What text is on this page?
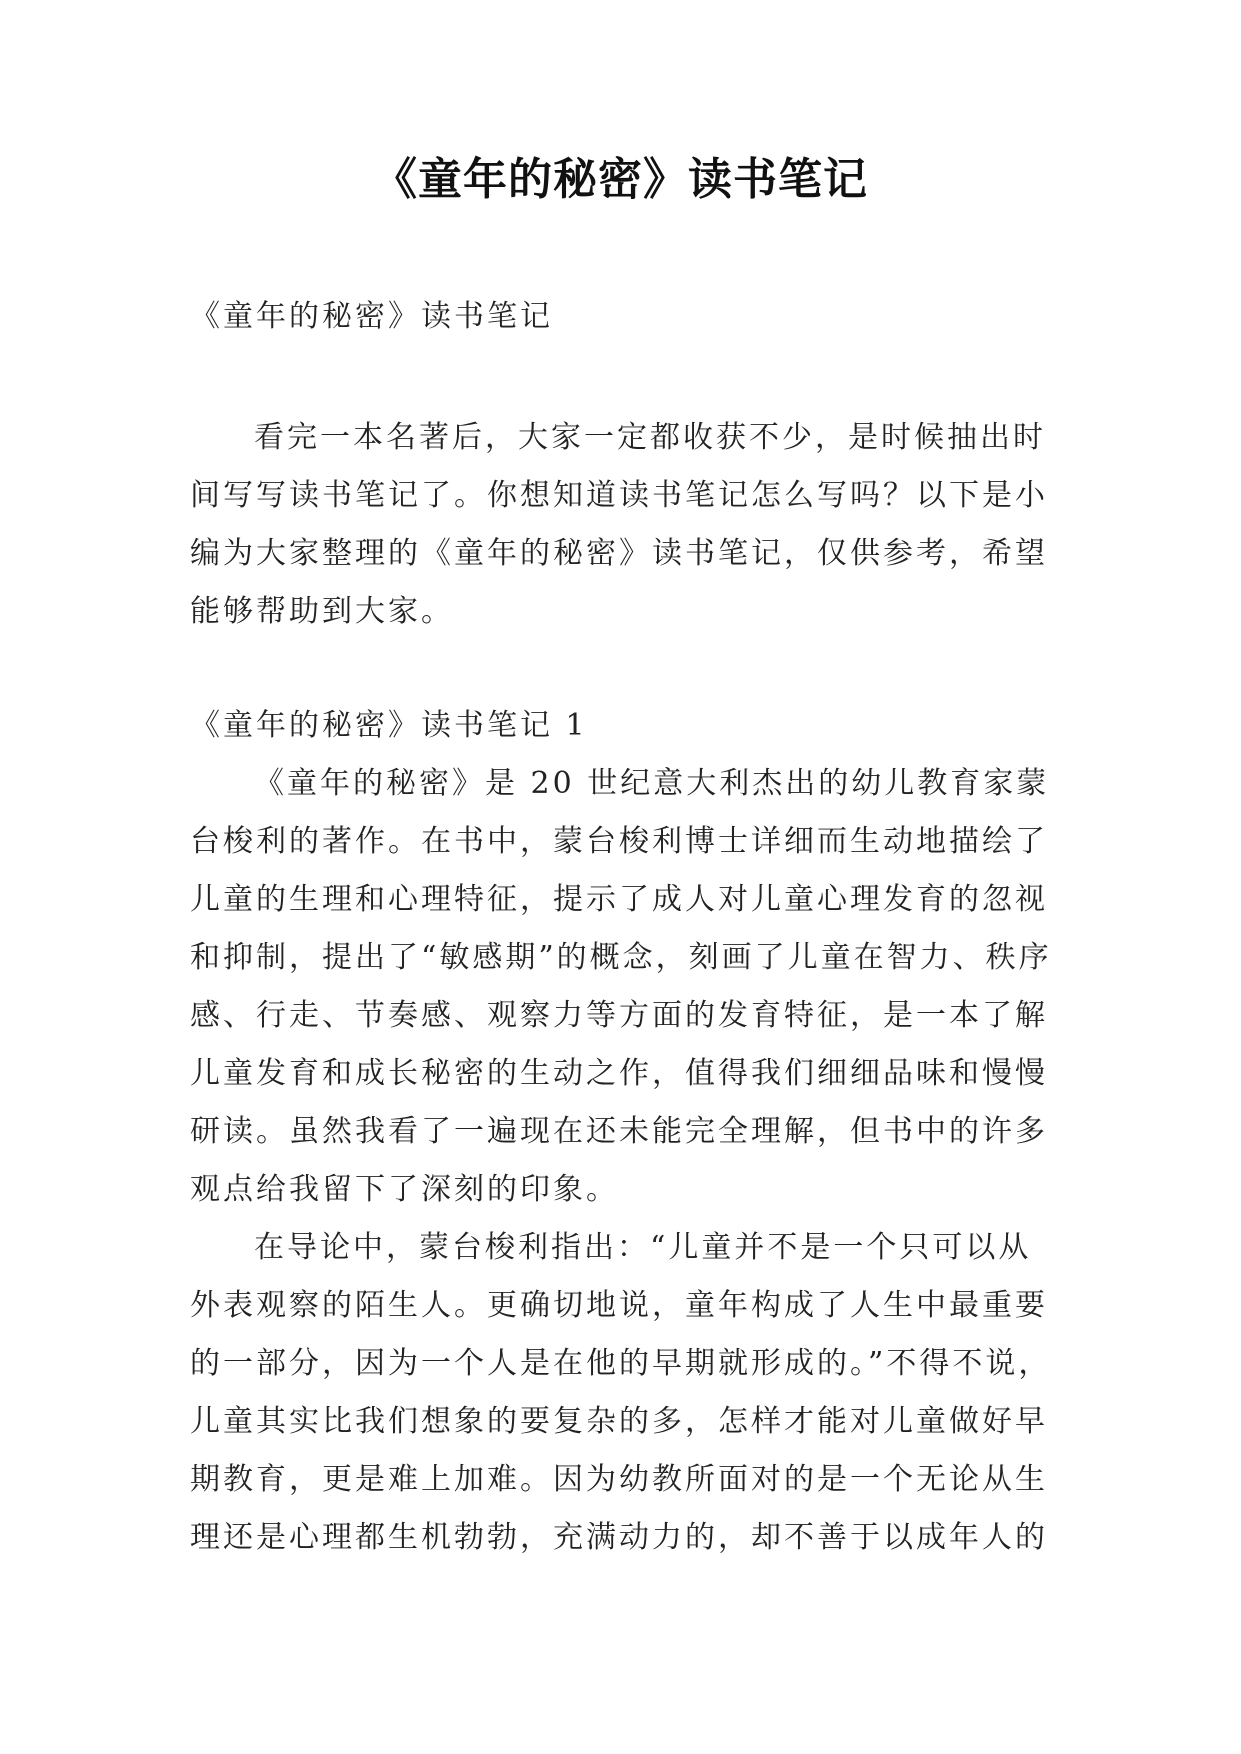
《童年的秘密》读书笔记
《童年的秘密》读书笔记
看完一本名著后，大家一定都收获不少，是时候抽出时间写写读书笔记了。你想知道读书笔记怎么写吗？以下是小编为大家整理的《童年的秘密》读书笔记，仅供参考，希望能够帮助到大家。
《童年的秘密》读书笔记 1
《童年的秘密》是 20 世纪意大利杰出的幼儿教育家蒙台梭利的著作。在书中，蒙台梭利博士详细而生动地描绘了儿童的生理和心理特征，提示了成人对儿童心理发育的忽视和抑制，提出了“敏感期”的概念，刻画了儿童在智力、秩序感、行走、节奏感、观察力等方面的发育特征，是一本了解儿童发育和成长秘密的生动之作，值得我们细细品味和慢慢研读。虽然我看了一遍现在还未能完全理解，但书中的许多观点给我留下了深刻的印象。
在导论中，蒙台梭利指出：“儿童并不是一个只可以从外表观察的陌生人。更确切地说，童年构成了人生中最重要的一部分，因为一个人是在他的早期就形成的。”不得不说，儿童其实比我们想象的要复杂的多，怎样才能对儿童做好早期教育，更是难上加难。因为幼教所面对的是一个无论从生理还是心理都生机勃勃，充满动力的，却不善于以成年人的
